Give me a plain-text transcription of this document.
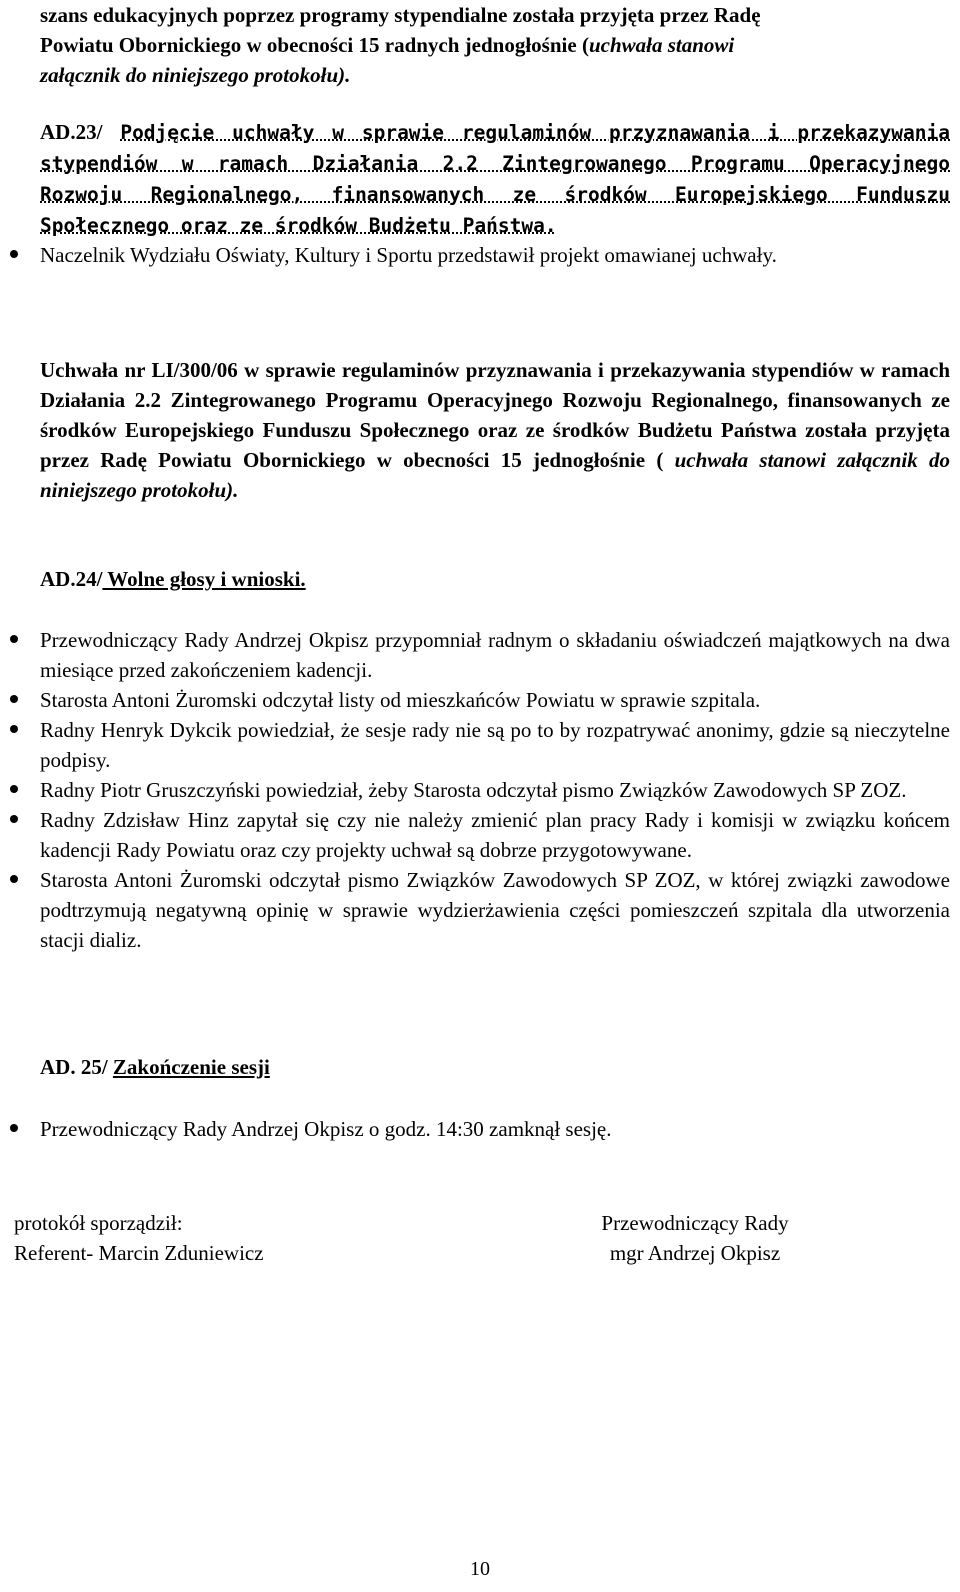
szans edukacyjnych poprzez programy stypendialne została przyjęta przez Radę
Powiatu Obornickiego w obecności 15 radnych jednogłośnie (uchwała stanowi
załącznik do niniejszego protokołu).

AD.23/ Podjęcie uchwały w sprawie regulaminów przyznawania i przekazywania stypendiów w ramach Działania 2.2 Zintegrowanego Programu Operacyjnego Rozwoju Regionalnego, finansowanych ze środków Europejskiego Funduszu Społecznego oraz ze środków Budżetu Państwa.

Naczelnik Wydziału Oświaty, Kultury i Sportu przedstawił projekt omawianej uchwały.

Uchwała nr LI/300/06 w sprawie regulaminów przyznawania i przekazywania stypendiów w ramach Działania 2.2 Zintegrowanego Programu Operacyjnego Rozwoju Regionalnego, finansowanych ze środków Europejskiego Funduszu Społecznego oraz ze środków Budżetu Państwa została przyjęta przez Radę Powiatu Obornickiego w obecności 15 jednogłośnie ( uchwała stanowi załącznik do niniejszego protokołu).

AD.24/ Wolne głosy i wnioski.

Przewodniczący Rady Andrzej Okpisz przypomniał radnym o składaniu oświadczeń majątkowych na dwa miesiące przed zakończeniem kadencji.
Starosta Antoni Żuromski odczytał listy od mieszkańców Powiatu w sprawie szpitala.
Radny Henryk Dykcik powiedział, że sesje rady nie są po to by rozpatrywać anonimy, gdzie są nieczytelne podpisy.
Radny Piotr Gruszczyński powiedział, żeby Starosta odczytał pismo Związków Zawodowych SP ZOZ.
Radny Zdzisław Hinz zapytał się czy nie należy zmienić plan pracy Rady i komisji w związku końcem kadencji Rady Powiatu oraz czy projekty uchwał są dobrze przygotowywane.
Starosta Antoni Żuromski odczytał pismo Związków Zawodowych SP ZOZ, w której związki zawodowe podtrzymują negatywną opinię w sprawie wydzierżawienia części pomieszczeń szpitala dla utworzenia stacji dializ.

AD. 25/ Zakończenie sesji

Przewodniczący Rady Andrzej Okpisz o godz. 14:30 zamknął sesję.
protokół sporządził:
Referent- Marcin Zduniewicz
Przewodniczący Rady
mgr Andrzej Okpisz
10
